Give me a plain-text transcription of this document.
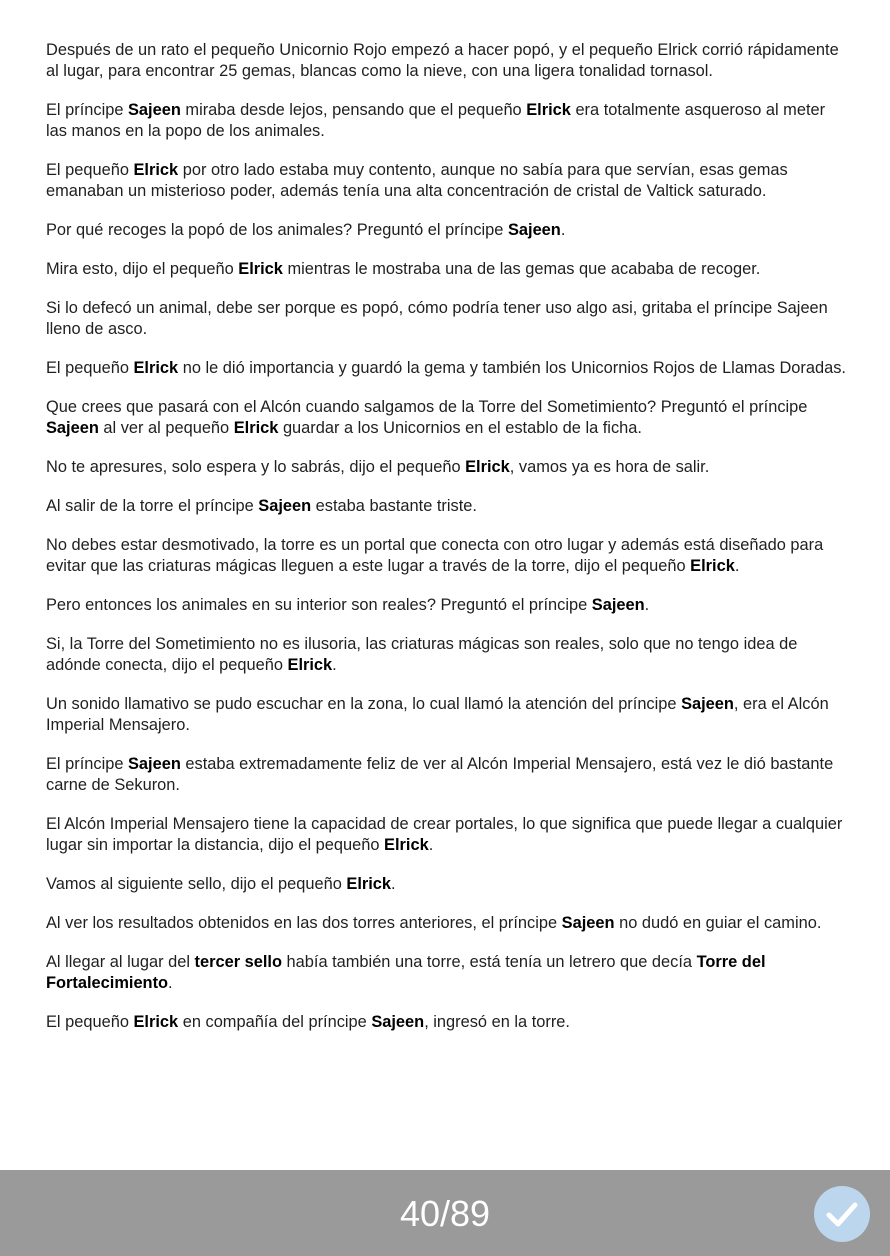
Después de un rato el pequeño Unicornio Rojo empezó a hacer popó, y el pequeño Elrick corrió rápidamente al lugar, para encontrar 25 gemas, blancas como la nieve, con una ligera tonalidad tornasol.

El príncipe Sajeen miraba desde lejos, pensando que el pequeño Elrick era totalmente asqueroso al meter las manos en la popo de los animales.

El pequeño Elrick por otro lado estaba muy contento, aunque no sabía para que servían, esas gemas emanaban un misterioso poder, además tenía una alta concentración de cristal de Valtick saturado.

Por qué recoges la popó de los animales? Preguntó el príncipe Sajeen.

Mira esto, dijo el pequeño Elrick mientras le mostraba una de las gemas que acababa de recoger.

Si lo defecó un animal, debe ser porque es popó, cómo podría tener uso algo asi, gritaba el príncipe Sajeen lleno de asco.

El pequeño Elrick no le dió importancia y guardó la gema y también los Unicornios Rojos de Llamas Doradas.

Que crees que pasará con el Alcón cuando salgamos de la Torre del Sometimiento? Preguntó el príncipe Sajeen al ver al pequeño Elrick guardar a los Unicornios en el establo de la ficha.

No te apresures, solo espera y lo sabrás, dijo el pequeño Elrick, vamos ya es hora de salir.

Al salir de la torre el príncipe Sajeen estaba bastante triste.

No debes estar desmotivado, la torre es un portal que conecta con otro lugar y además está diseñado para evitar que las criaturas mágicas lleguen a este lugar a través de la torre, dijo el pequeño Elrick.

Pero entonces los animales en su interior son reales? Preguntó el príncipe Sajeen.

Si, la Torre del Sometimiento no es ilusoria, las criaturas mágicas son reales, solo que no tengo idea de adónde conecta, dijo el pequeño Elrick.

Un sonido llamativo se pudo escuchar en la zona, lo cual llamó la atención del príncipe Sajeen, era el Alcón Imperial Mensajero.

El príncipe Sajeen estaba extremadamente feliz de ver al Alcón Imperial Mensajero, está vez le dió bastante carne de Sekuron.

El Alcón Imperial Mensajero tiene la capacidad de crear portales, lo que significa que puede llegar a cualquier lugar sin importar la distancia, dijo el pequeño Elrick.

Vamos al siguiente sello, dijo el pequeño Elrick.

Al ver los resultados obtenidos en las dos torres anteriores, el príncipe Sajeen no dudó en guiar el camino.

Al llegar al lugar del tercer sello había también una torre, está tenía un letrero que decía Torre del Fortalecimiento.

El pequeño Elrick en compañía del príncipe Sajeen, ingresó en la torre.

40/89
